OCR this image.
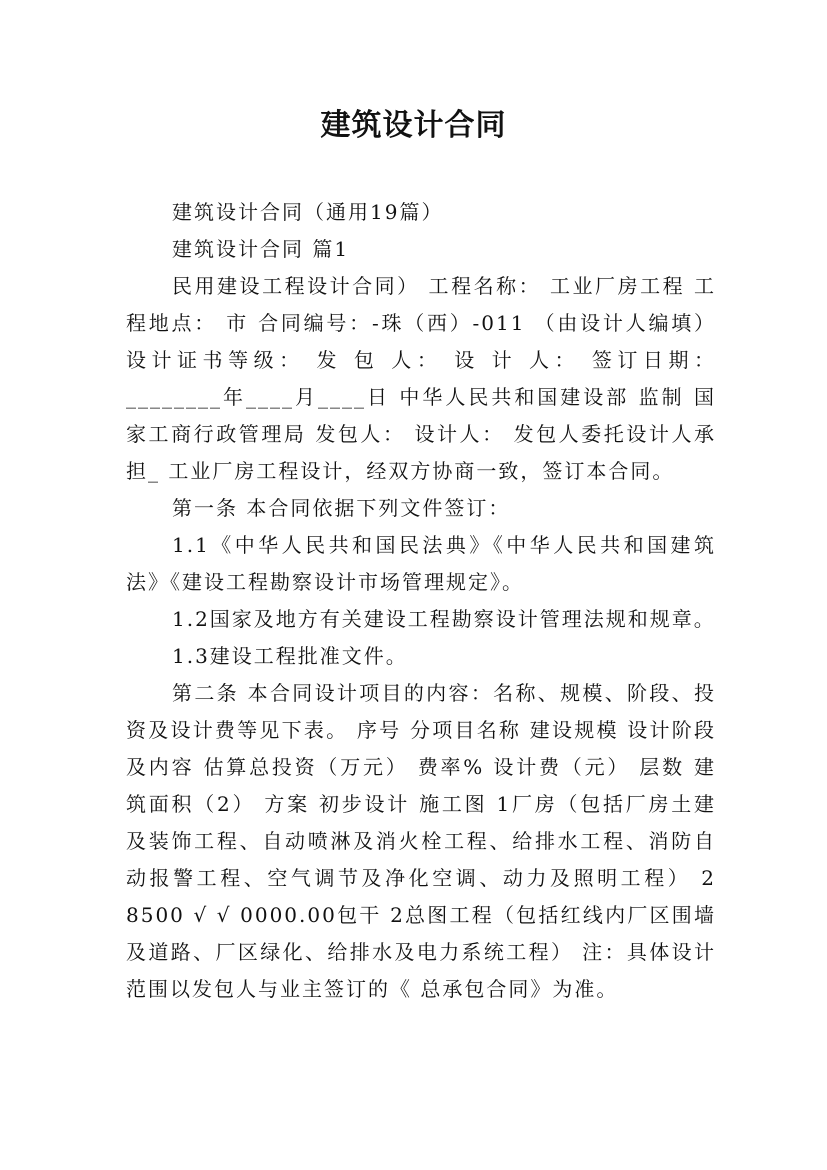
建筑设计合同

建筑设计合同（通用19篇）

建筑设计合同 篇1

民用建设工程设计合同） 工程名称： 工业厂房工程 工程地点： 市 合同编号：-珠（西）-011 （由设计人编填） 设计证书等级： 发 包 人： 设 计 人： 签订日期：________年____月____日 中华人民共和国建设部 监制 国家工商行政管理局 发包人： 设计人： 发包人委托设计人承担_ 工业厂房工程设计，经双方协商一致，签订本合同。

第一条 本合同依据下列文件签订：

1.1《中华人民共和国民法典》《中华人民共和国建筑法》《建设工程勘察设计市场管理规定》。

1.2国家及地方有关建设工程勘察设计管理法规和规章。

1.3建设工程批准文件。

第二条 本合同设计项目的内容：名称、规模、阶段、投资及设计费等见下表。 序号 分项目名称 建设规模 设计阶段及内容 估算总投资（万元） 费率% 设计费（元） 层数 建筑面积（2） 方案 初步设计 施工图 1厂房（包括厂房土建及装饰工程、自动喷淋及消火栓工程、给排水工程、消防自动报警工程、空气调节及净化空调、动力及照明工程） 2 8500 √ √ 0000.00包干 2总图工程（包括红线内厂区围墙及道路、厂区绿化、给排水及电力系统工程） 注：具体设计范围以发包人与业主签订的《 总承包合同》为准。
